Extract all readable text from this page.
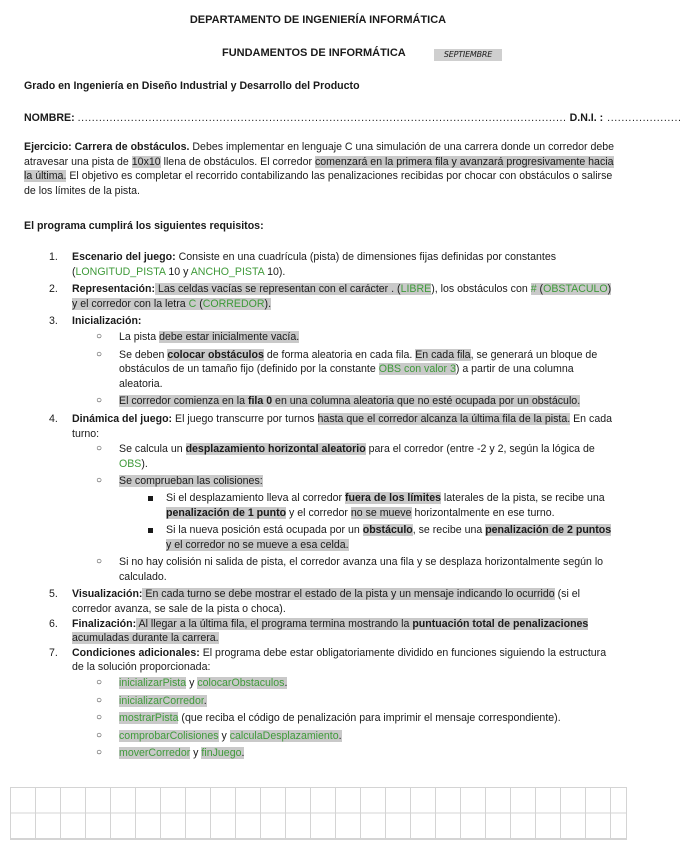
DEPARTAMENTO DE INGENIERÍA INFORMÁTICA
FUNDAMENTOS DE INFORMÁTICA	SEPTIEMBRE
Grado en Ingeniería en Diseño Industrial y Desarrollo del Producto
NOMBRE: .......................................................................................................................................... D.N.I. : .....................

Ejercicio: Carrera de obstáculos. Debes implementar en lenguaje C una simulación de una carrera donde un corredor debe atravesar una pista de 10x10 llena de obstáculos. El corredor comenzará en la primera fila y avanzará progresivamente hacia la última. El objetivo es completar el recorrido contabilizando las penalizaciones recibidas por chocar con obstáculos o salirse de los límites de la pista.

El programa cumplirá los siguientes requisitos:
1. Escenario del juego: Consiste en una cuadrícula (pista) de dimensiones fijas definidas por constantes (LONGITUD_PISTA 10 y ANCHO_PISTA 10).
2. Representación: Las celdas vacías se representan con el carácter . (LIBRE), los obstáculos con # (OBSTACULO) y el corredor con la letra C (CORREDOR).
3. Inicialización:
○ La pista debe estar inicialmente vacía.
○ Se deben colocar obstáculos de forma aleatoria en cada fila. En cada fila, se generará un bloque de obstáculos de un tamaño fijo (definido por la constante OBS con valor 3) a partir de una columna aleatoria.
○ El corredor comienza en la fila 0 en una columna aleatoria que no esté ocupada por un obstáculo.
4. Dinámica del juego: El juego transcurre por turnos hasta que el corredor alcanza la última fila de la pista. En cada turno:
○ Se calcula un desplazamiento horizontal aleatorio para el corredor (entre -2 y 2, según la lógica de OBS).
○ Se comprueban las colisiones:
Si el desplazamiento lleva al corredor fuera de los límites laterales de la pista, se recibe una penalización de 1 punto y el corredor no se mueve horizontalmente en ese turno.
Si la nueva posición está ocupada por un obstáculo, se recibe una penalización de 2 puntos y el corredor no se mueve a esa celda.
○ Si no hay colisión ni salida de pista, el corredor avanza una fila y se desplaza horizontalmente según lo calculado.
5. Visualización: En cada turno se debe mostrar el estado de la pista y un mensaje indicando lo ocurrido (si el corredor avanza, se sale de la pista o choca).
6. Finalización: Al llegar a la última fila, el programa termina mostrando la puntuación total de penalizaciones acumuladas durante la carrera.
7. Condiciones adicionales: El programa debe estar obligatoriamente dividido en funciones siguiendo la estructura de la solución proporcionada:
○ inicializarPista y colocarObstaculos.
○ inicializarCorredor.
○ mostrarPista (que reciba el código de penalización para imprimir el mensaje correspondiente).
○ comprobarColisiones y calculaDesplazamiento.
○ moverCorredor y finJuego.
